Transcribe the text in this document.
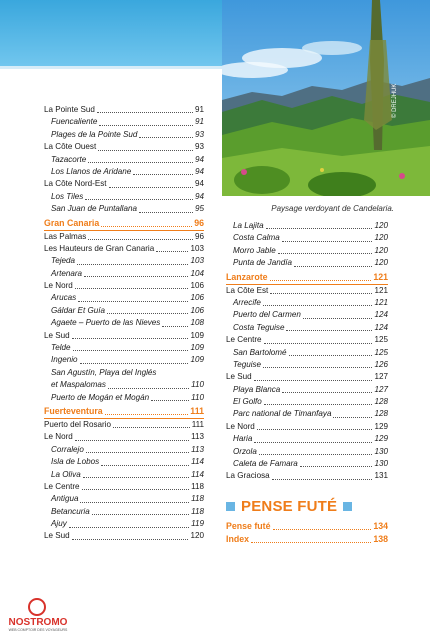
© DREJHUK
Paysage verdoyant de Candelaria.
La Pointe Sud	91
Fuencaliente	91
Plages de la Pointe Sud	93
La Côte Ouest	93
Tazacorte	94
Los Llanos de Aridane	94
La Côte Nord-Est	94
Los Tiles	94
San Juan de Puntallana	95
Gran Canaria	96
Las Palmas	96
Les Hauteurs de Gran Canaria	103
Tejeda	103
Artenara	104
Le Nord	106
Arucas	106
Gáldar Et Guía	106
Agaete – Puerto de las Nieves	108
Le Sud	109
Telde	109
Ingenio	109
San Agustín, Playa del Inglés
et Maspalomas	110
Puerto de Mogán et Mogán	110
Fuerteventura	111
Puerto del Rosario	111
Le Nord	113
Corralejo	113
Isla de Lobos	114
La Oliva	114
Le Centre	118
Antigua	118
Betancuria	118
Ajuy	119
Le Sud	120
La Lajita	120
Costa Calma	120
Morro Jable	120
Punta de Jandía	120
Lanzarote	121
La Côte Est	121
Arrecife	121
Puerto del Carmen	124
Costa Teguise	124
Le Centre	125
San Bartolomé	125
Teguise	126
Le Sud	127
Playa Blanca	127
El Golfo	128
Parc national de Timanfaya	128
Le Nord	129
Haria	129
Orzola	130
Caleta de Famara	130
La Graciosa	131
PENSE FUTÉ
Pense futé	134
Index	138
NOSTROMO
WEB COMPTOIR DES VOYAGEURS
